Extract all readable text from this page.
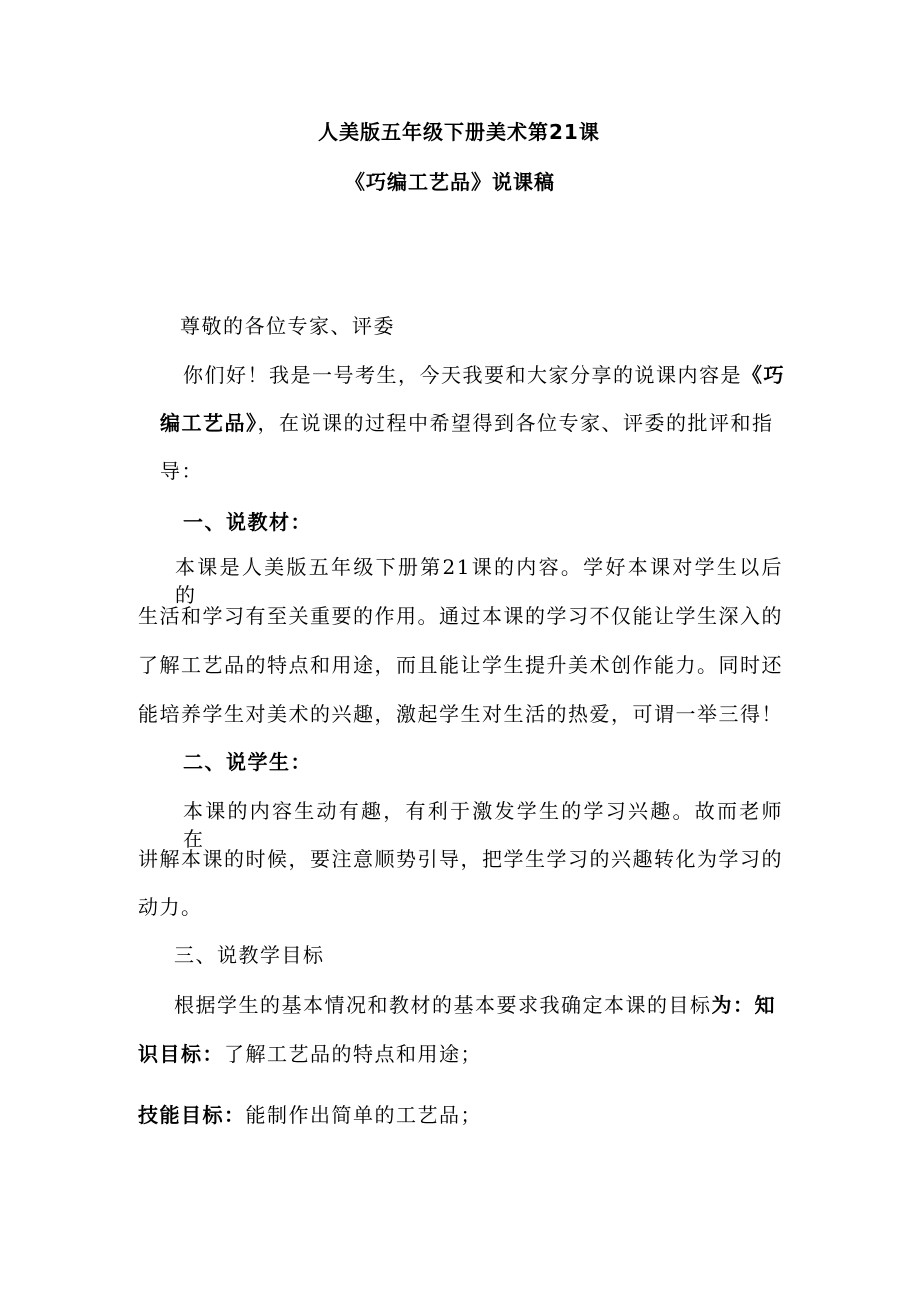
人美版五年级下册美术第21课
《巧编工艺品》说课稿
尊敬的各位专家、评委
你们好！我是一号考生，今天我要和大家分享的说课内容是《巧
编工艺品》，在说课的过程中希望得到各位专家、评委的批评和指
导：
一、说教材：
本课是人美版五年级下册第21课的内容。学好本课对学生以后的
生活和学习有至关重要的作用。通过本课的学习不仅能让学生深入的
了解工艺品的特点和用途，而且能让学生提升美术创作能力。同时还
能培养学生对美术的兴趣，激起学生对生活的热爱，可谓一举三得！
二、说学生：
本课的内容生动有趣，有利于激发学生的学习兴趣。故而老师在
讲解本课的时候，要注意顺势引导，把学生学习的兴趣转化为学习的
动力。
三、说教学目标
根据学生的基本情况和教材的基本要求我确定本课的目标为：知
识目标：了解工艺品的特点和用途；
技能目标：能制作出简单的工艺品；
